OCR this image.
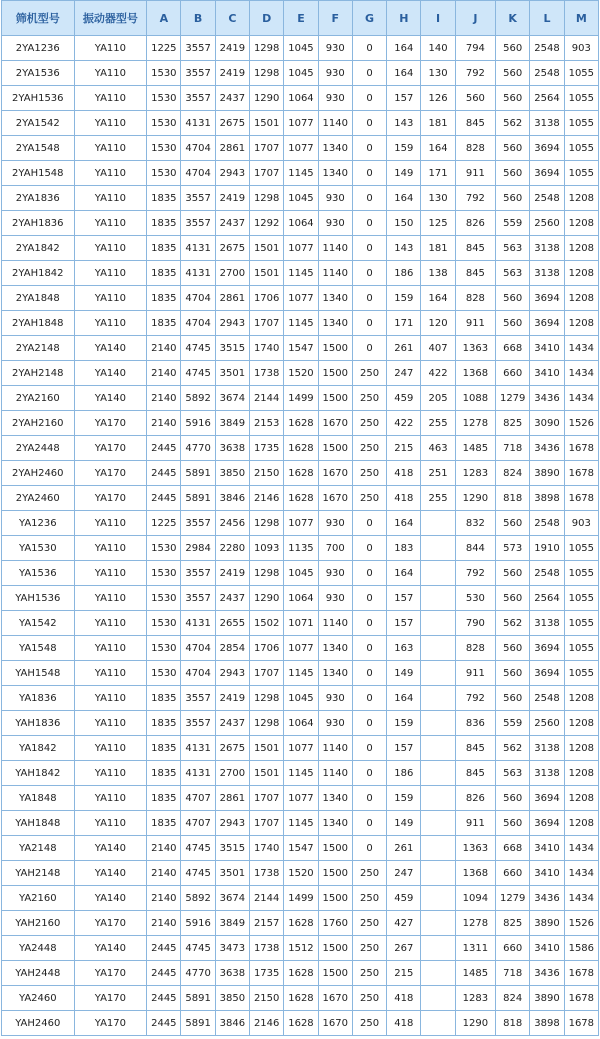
筛机型号	振动器型号	A	B	C	D	E	F	G	H	I	J	K	L	M
2YA1236	YA110	1225	3557	2419	1298	1045	930	0	164	140	794	560	2548	903
2YA1536	YA110	1530	3557	2419	1298	1045	930	0	164	130	792	560	2548	1055
2YAH1536	YA110	1530	3557	2437	1290	1064	930	0	157	126	560	560	2564	1055
2YA1542	YA110	1530	4131	2675	1501	1077	1140	0	143	181	845	562	3138	1055
2YA1548	YA110	1530	4704	2861	1707	1077	1340	0	159	164	828	560	3694	1055
2YAH1548	YA110	1530	4704	2943	1707	1145	1340	0	149	171	911	560	3694	1055
2YA1836	YA110	1835	3557	2419	1298	1045	930	0	164	130	792	560	2548	1208
2YAH1836	YA110	1835	3557	2437	1292	1064	930	0	150	125	826	559	2560	1208
2YA1842	YA110	1835	4131	2675	1501	1077	1140	0	143	181	845	563	3138	1208
2YAH1842	YA110	1835	4131	2700	1501	1145	1140	0	186	138	845	563	3138	1208
2YA1848	YA110	1835	4704	2861	1706	1077	1340	0	159	164	828	560	3694	1208
2YAH1848	YA110	1835	4704	2943	1707	1145	1340	0	171	120	911	560	3694	1208
2YA2148	YA140	2140	4745	3515	1740	1547	1500	0	261	407	1363	668	3410	1434
2YAH2148	YA140	2140	4745	3501	1738	1520	1500	250	247	422	1368	660	3410	1434
2YA2160	YA140	2140	5892	3674	2144	1499	1500	250	459	205	1088	1279	3436	1434
2YAH2160	YA170	2140	5916	3849	2153	1628	1670	250	422	255	1278	825	3090	1526
2YA2448	YA170	2445	4770	3638	1735	1628	1500	250	215	463	1485	718	3436	1678
2YAH2460	YA170	2445	5891	3850	2150	1628	1670	250	418	251	1283	824	3890	1678
2YA2460	YA170	2445	5891	3846	2146	1628	1670	250	418	255	1290	818	3898	1678
YA1236	YA110	1225	3557	2456	1298	1077	930	0	164		832	560	2548	903
YA1530	YA110	1530	2984	2280	1093	1135	700	0	183		844	573	1910	1055
YA1536	YA110	1530	3557	2419	1298	1045	930	0	164		792	560	2548	1055
YAH1536	YA110	1530	3557	2437	1290	1064	930	0	157		530	560	2564	1055
YA1542	YA110	1530	4131	2655	1502	1071	1140	0	157		790	562	3138	1055
YA1548	YA110	1530	4704	2854	1706	1077	1340	0	163		828	560	3694	1055
YAH1548	YA110	1530	4704	2943	1707	1145	1340	0	149		911	560	3694	1055
YA1836	YA110	1835	3557	2419	1298	1045	930	0	164		792	560	2548	1208
YAH1836	YA110	1835	3557	2437	1298	1064	930	0	159		836	559	2560	1208
YA1842	YA110	1835	4131	2675	1501	1077	1140	0	157		845	562	3138	1208
YAH1842	YA110	1835	4131	2700	1501	1145	1140	0	186		845	563	3138	1208
YA1848	YA110	1835	4707	2861	1707	1077	1340	0	159		826	560	3694	1208
YAH1848	YA110	1835	4707	2943	1707	1145	1340	0	149		911	560	3694	1208
YA2148	YA140	2140	4745	3515	1740	1547	1500	0	261		1363	668	3410	1434
YAH2148	YA140	2140	4745	3501	1738	1520	1500	250	247		1368	660	3410	1434
YA2160	YA140	2140	5892	3674	2144	1499	1500	250	459		1094	1279	3436	1434
YAH2160	YA170	2140	5916	3849	2157	1628	1760	250	427		1278	825	3890	1526
YA2448	YA140	2445	4745	3473	1738	1512	1500	250	267		1311	660	3410	1586
YAH2448	YA170	2445	4770	3638	1735	1628	1500	250	215		1485	718	3436	1678
YA2460	YA170	2445	5891	3850	2150	1628	1670	250	418		1283	824	3890	1678
YAH2460	YA170	2445	5891	3846	2146	1628	1670	250	418		1290	818	3898	1678
